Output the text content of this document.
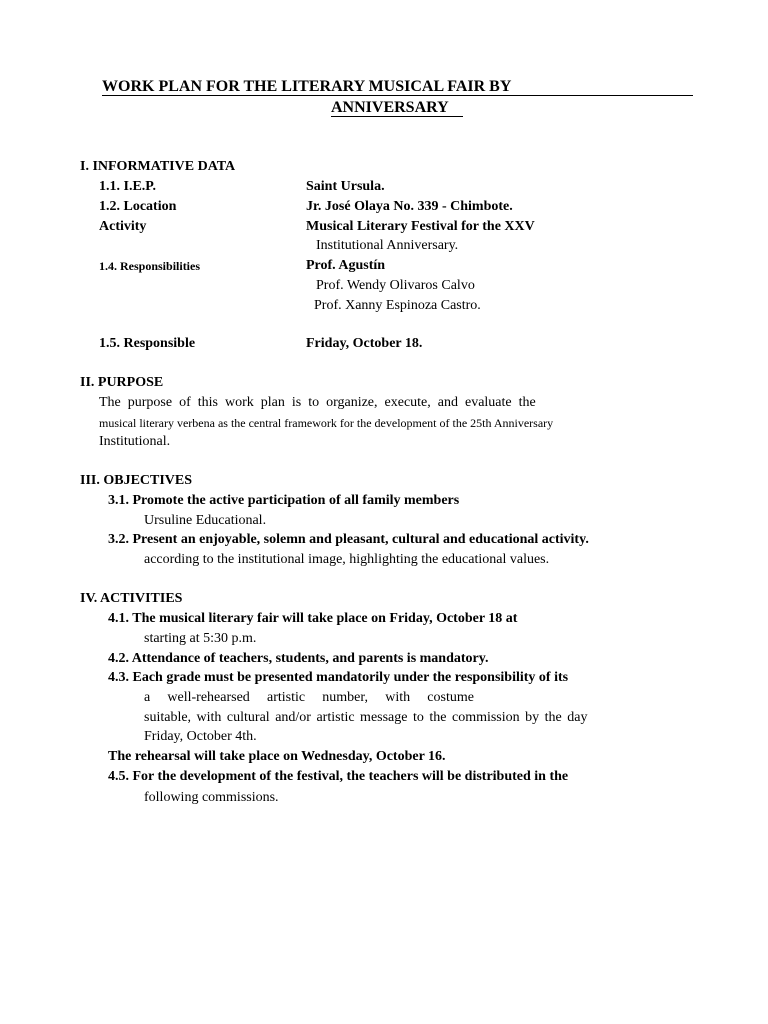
WORK PLAN FOR THE LITERARY MUSICAL FAIR BY
ANNIVERSARY
I. INFORMATIVE DATA
1.1. I.E.P.	Saint Ursula.
1.2. Location	Jr. José Olaya No. 339 - Chimbote.
Activity	Musical Literary Festival for the XXV
Institutional Anniversary.
1.4. Responsibilities	Prof. Agustín
Prof. Wendy Olivaros Calvo
Prof. Xanny Espinoza Castro.
1.5. Responsible	Friday, October 18.
II. PURPOSE
The  purpose  of  this  work  plan  is  to  organize,  execute,  and  evaluate  the
musical literary verbena as the central framework for the development of the 25th Anniversary
Institutional.
III. OBJECTIVES
3.1. Promote the active participation of all family members
Ursuline Educational.
3.2. Present an enjoyable, solemn and pleasant, cultural and educational activity.
according to the institutional image, highlighting the educational values.
IV. ACTIVITIES
4.1. The musical literary fair will take place on Friday, October 18 at
starting at 5:30 p.m.
4.2. Attendance of teachers, students, and parents is mandatory.
4.3. Each grade must be presented mandatorily under the responsibility of its
a well-rehearsed artistic number, with costume
suitable, with cultural and/or artistic message to the commission by the day
Friday, October 4th.
The rehearsal will take place on Wednesday, October 16.
4.5. For the development of the festival, the teachers will be distributed in the
following commissions.
